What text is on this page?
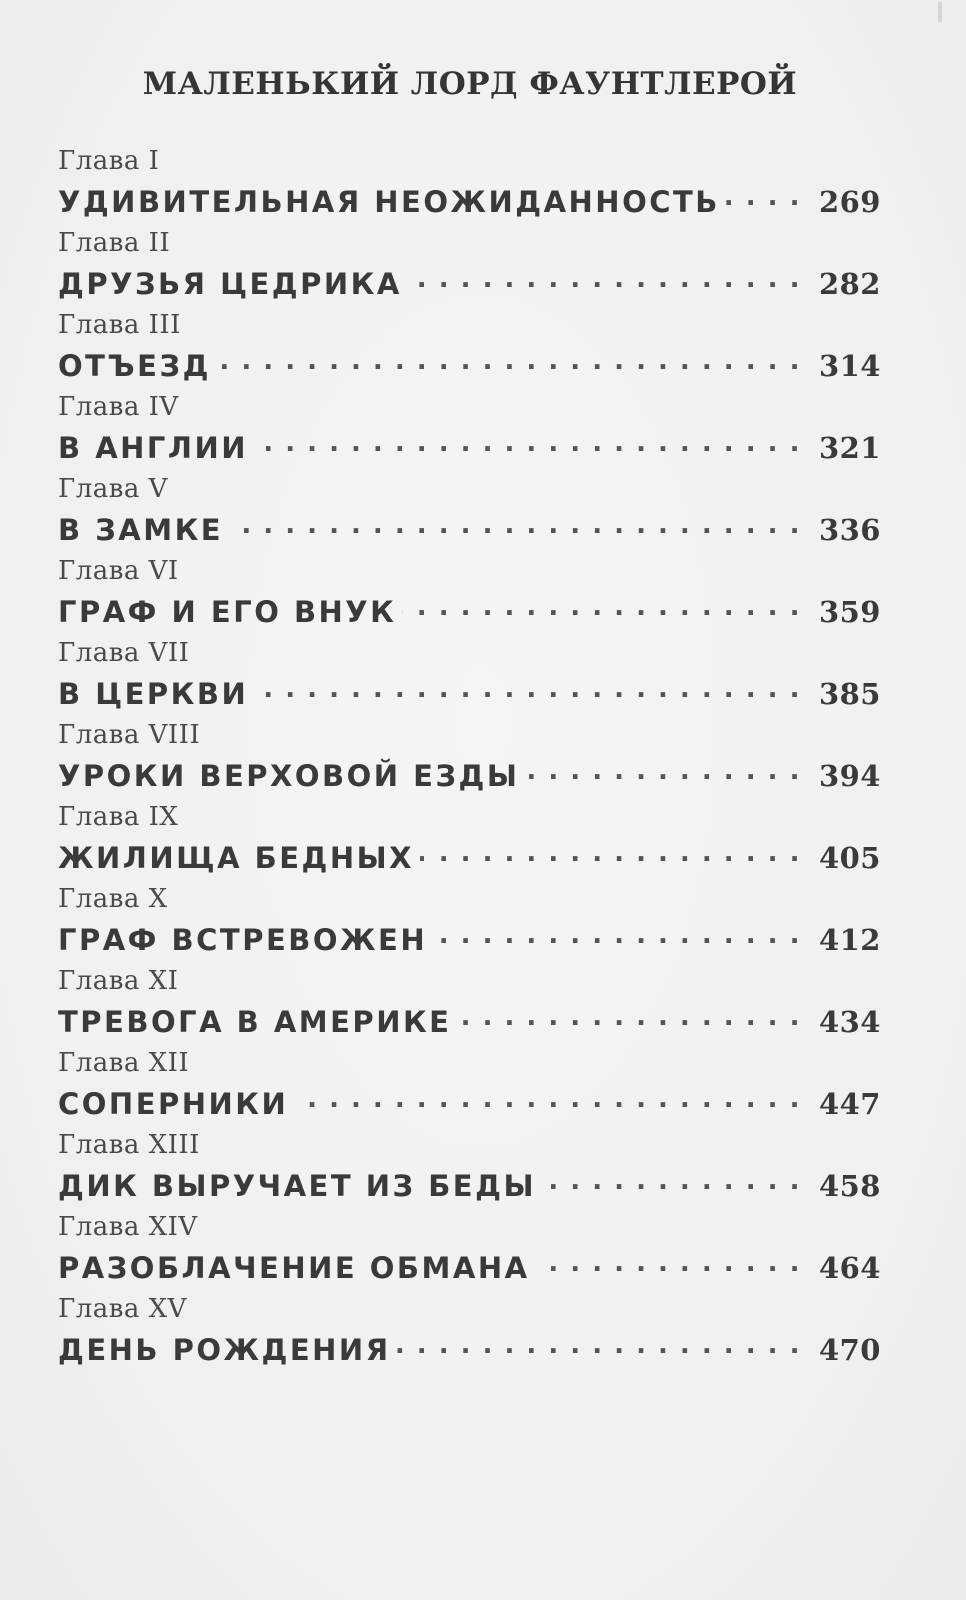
МАЛЕНЬКИЙ ЛОРД ФАУНТЛЕРОЙ
Глава I
УДИВИТЕЛЬНАЯ НЕОЖИДАННОСТЬ . . .	269
Глава II
ДРУЗЬЯ ЦЕДРИКА . . .	282
Глава III
ОТЪЕЗД . . .	314
Глава IV
В АНГЛИИ . . .	321
Глава V
В ЗАМКЕ . . .	336
Глава VI
ГРАФ И ЕГО ВНУК . . .	359
Глава VII
В ЦЕРКВИ . . .	385
Глава VIII
УРОКИ ВЕРХОВОЙ ЕЗДЫ . . .	394
Глава IX
ЖИЛИЩА БЕДНЫХ . . .	405
Глава X
ГРАФ ВСТРЕВОЖЕН . . .	412
Глава XI
ТРЕВОГА В АМЕРИКЕ . . .	434
Глава XII
СОПЕРНИКИ . . .	447
Глава XIII
ДИК ВЫРУЧАЕТ ИЗ БЕДЫ . . .	458
Глава XIV
РАЗОБЛАЧЕНИЕ ОБМАНА . . .	464
Глава XV
ДЕНЬ РОЖДЕНИЯ . . .	470
